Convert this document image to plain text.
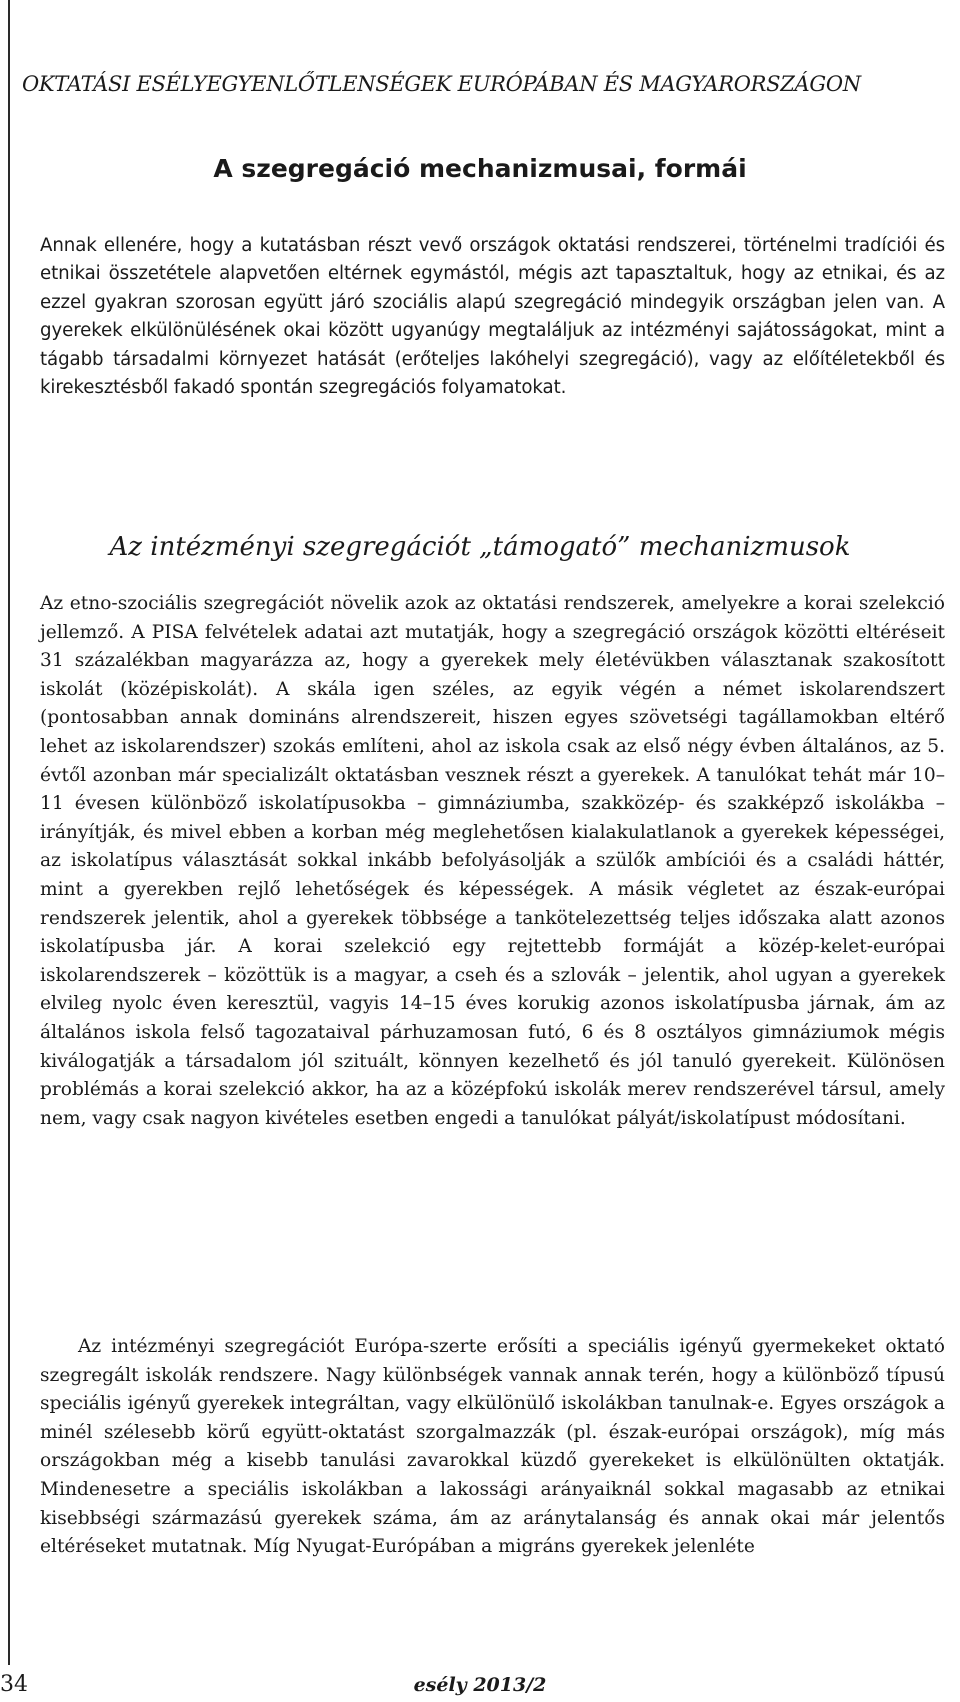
OKTATÁSI ESÉLYEGYENLŐTLENSÉGEK EURÓPÁBAN ÉS MAGYARORSZÁGON
A szegregáció mechanizmusai, formái
Annak ellenére, hogy a kutatásban részt vevő országok oktatási rendszerei, történelmi tradíciói és etnikai összetétele alapvetően eltérnek egymástól, mégis azt tapasztaltuk, hogy az etnikai, és az ezzel gyakran szorosan együtt járó szociális alapú szegregáció mindegyik országban jelen van. A gyerekek elkülönülésének okai között ugyanúgy megtaláljuk az intézményi sajátosságokat, mint a tágabb társadalmi környezet hatását (erőteljes lakóhelyi szegregáció), vagy az előítéletekből és kirekesztésből fakadó spontán szegregációs folyamatokat.
Az intézményi szegregációt „támogató” mechanizmusok
Az etno-szociális szegregációt növelik azok az oktatási rendszerek, amelyekre a korai szelekció jellemző. A PISA felvételek adatai azt mutatják, hogy a szegregáció országok közötti eltéréseit 31 százalékban magyarázza az, hogy a gyerekek mely életévükben választanak szakosított iskolát (középiskolát). A skála igen széles, az egyik végén a német iskolarendszert (pontosabban annak domináns alrendszereit, hiszen egyes szövetségi tagállamokban eltérő lehet az iskolarendszer) szokás említeni, ahol az iskola csak az első négy évben általános, az 5. évtől azonban már specializált oktatásban vesznek részt a gyerekek. A tanulókat tehát már 10–11 évesen különböző iskolatípusokba – gimnáziumba, szakközép- és szakképző iskolákba – irányítják, és mivel ebben a korban még meglehetősen kialakulatlanok a gyerekek képességei, az iskolatípus választását sokkal inkább befolyásolják a szülők ambíciói és a családi háttér, mint a gyerekben rejlő lehetőségek és képességek. A másik végletet az észak-európai rendszerek jelentik, ahol a gyerekek többsége a tankötelezettség teljes időszaka alatt azonos iskolatípusba jár. A korai szelekció egy rejtettebb formáját a közép-kelet-európai iskolarendszerek – közöttük is a magyar, a cseh és a szlovák – jelentik, ahol ugyan a gyerekek elvileg nyolc éven keresztül, vagyis 14–15 éves korukig azonos iskolatípusba járnak, ám az általános iskola felső tagozataival párhuzamosan futó, 6 és 8 osztályos gimnáziumok mégis kiválogatják a társadalom jól szituált, könnyen kezelhető és jól tanuló gyerekeit. Különösen problémás a korai szelekció akkor, ha az a középfokú iskolák merev rendszerével társul, amely nem, vagy csak nagyon kivételes esetben engedi a tanulókat pályát/iskolatípust módosítani.
Az intézményi szegregációt Európa-szerte erősíti a speciális igényű gyermekeket oktató szegregált iskolák rendszere. Nagy különbségek vannak annak terén, hogy a különböző típusú speciális igényű gyerekek integráltan, vagy elkülönülő iskolákban tanulnak-e. Egyes országok a minél szélesebb körű együtt-oktatást szorgalmazzák (pl. észak-európai országok), míg más országokban még a kisebb tanulási zavarokkal küzdő gyerekeket is elkülönülten oktatják. Mindenesetre a speciális iskolákban a lakossági arányaiknál sokkal magasabb az etnikai kisebbségi származású gyerekek száma, ám az aránytalanság és annak okai már jelentős eltéréseket mutatnak. Míg Nyugat-Európában a migráns gyerekek jelenléte
34	esély 2013/2
